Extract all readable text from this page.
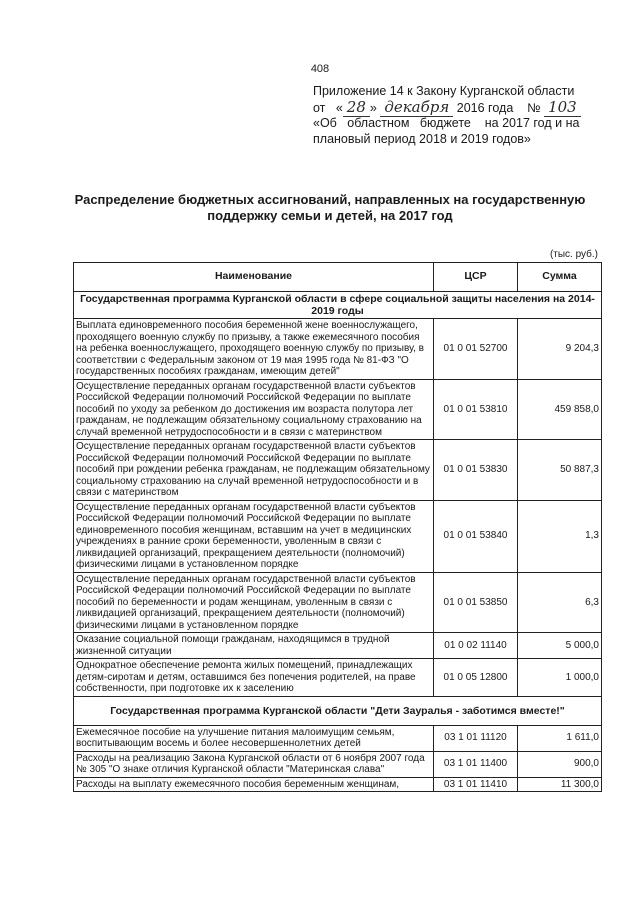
408
Приложение 14 к Закону Курганской области
от « 28 » декабря 2016 года № 103
«Об   областном   бюджете    на 2017 год и на
плановый период 2018 и 2019 годов»
Распределение бюджетных ассигнований, направленных на государственную поддержку семьи и детей, на 2017 год
(тыс. руб.)
Наименование	ЦСР	Сумма
Государственная программа Курганской области в сфере социальной защиты населения на 2014-2019 годы		
Выплата единовременного пособия беременной жене военнослужащего, проходящего военную службу по призыву, а также ежемесячного пособия на ребенка военнослужащего, проходящего военную службу по призыву, в соответствии с Федеральным законом от 19 мая 1995 года № 81-ФЗ "О государственных пособиях гражданам, имеющим детей"	01 0 01 52700	9 204,3
Осуществление переданных органам государственной власти субъектов Российской Федерации полномочий Российской Федерации по выплате пособий по уходу за ребенком до достижения им возраста полутора лет гражданам, не подлежащим обязательному социальному страхованию на случай временной нетрудоспособности и в связи с материнством	01 0 01 53810	459 858,0
Осуществление переданных органам государственной власти субъектов Российской Федерации полномочий Российской Федерации по выплате пособий при рождении ребенка гражданам, не подлежащим обязательному социальному страхованию на случай временной нетрудоспособности и в связи с материнством	01 0 01 53830	50 887,3
Осуществление переданных органам государственной власти субъектов Российской Федерации полномочий Российской Федерации по выплате единовременного пособия женщинам, вставшим на учет в медицинских учреждениях в ранние сроки беременности, уволенным в связи с ликвидацией организаций, прекращением деятельности (полномочий) физическими лицами в установленном порядке	01 0 01 53840	1,3
Осуществление переданных органам государственной власти субъектов Российской Федерации полномочий Российской Федерации по выплате пособий по беременности и родам женщинам, уволенным в связи с ликвидацией организаций, прекращением деятельности (полномочий) физическими лицами в установленном порядке	01 0 01 53850	6,3
Оказание социальной помощи гражданам, находящимся в трудной жизненной ситуации	01 0 02 11140	5 000,0
Однократное обеспечение ремонта жилых помещений, принадлежащих детям-сиротам и детям, оставшимся без попечения родителей, на праве собственности, при подготовке их к заселению	01 0 05 12800	1 000,0
Государственная программа Курганской области "Дети Зауралья - заботимся вместе!"		
Ежемесячное пособие на улучшение питания малоимущим семьям, воспитывающим восемь и более несовершеннолетних детей	03 1 01 11120	1 611,0
Расходы на реализацию Закона Курганской области от 6 ноября 2007 года № 305 "О знаке отличия Курганской области "Материнская слава"	03 1 01 11400	900,0
Расходы на выплату ежемесячного пособия беременным женщинам,	03 1 01 11410	11 300,0
